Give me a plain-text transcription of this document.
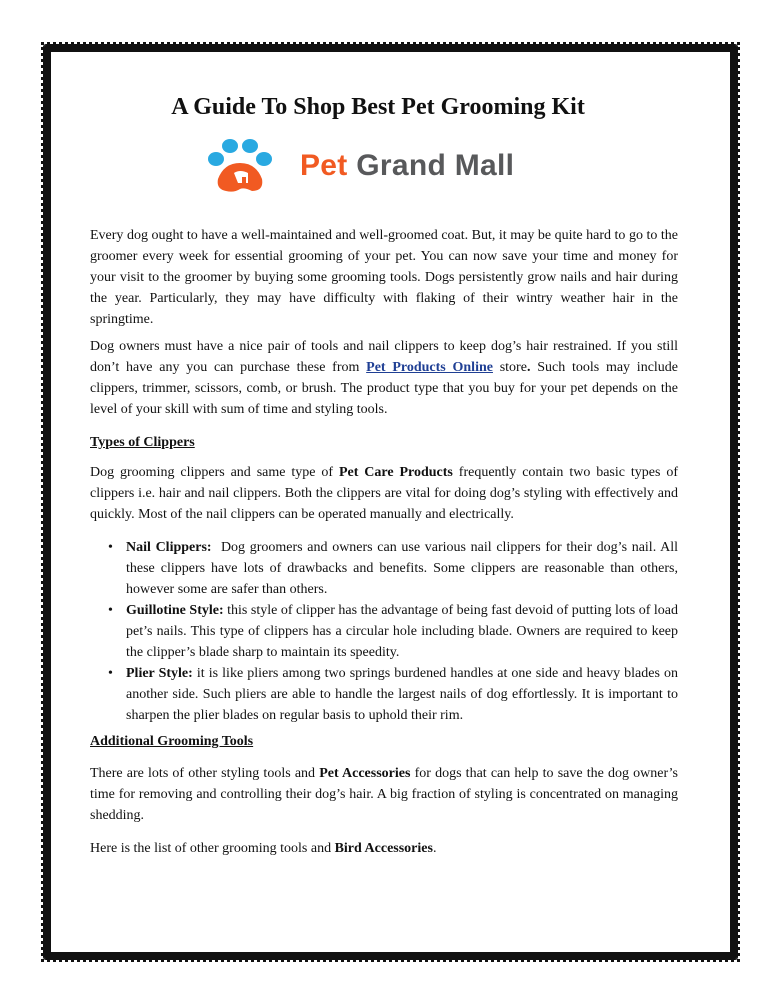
A Guide To Shop Best Pet Grooming Kit
Pet Grand Mall

Every dog ought to have a well-maintained and well-groomed coat. But, it may be quite hard to go to the groomer every week for essential grooming of your pet. You can now save your time and money for your visit to the groomer by buying some grooming tools. Dogs persistently grow nails and hair during the year. Particularly, they may have difficulty with flaking of their wintry weather hair in the springtime.

Dog owners must have a nice pair of tools and nail clippers to keep dog’s hair restrained. If you still don’t have any you can purchase these from Pet Products Online store. Such tools may include clippers, trimmer, scissors, comb, or brush. The product type that you buy for your pet depends on the level of your skill with sum of time and styling tools.

Types of Clippers

Dog grooming clippers and same type of Pet Care Products frequently contain two basic types of clippers i.e. hair and nail clippers. Both the clippers are vital for doing dog’s styling with effectively and quickly. Most of the nail clippers can be operated manually and electrically.

• Nail Clippers:  Dog groomers and owners can use various nail clippers for their dog’s nail. All these clippers have lots of drawbacks and benefits. Some clippers are reasonable than others, however some are safer than others.
• Guillotine Style: this style of clipper has the advantage of being fast devoid of putting lots of load pet’s nails. This type of clippers has a circular hole including blade. Owners are required to keep the clipper’s blade sharp to maintain its speedity.
• Plier Style: it is like pliers among two springs burdened handles at one side and heavy blades on another side. Such pliers are able to handle the largest nails of dog effortlessly. It is important to sharpen the plier blades on regular basis to uphold their rim.
Additional Grooming Tools

There are lots of other styling tools and Pet Accessories for dogs that can help to save the dog owner’s time for removing and controlling their dog’s hair. A big fraction of styling is concentrated on managing shedding.

Here is the list of other grooming tools and Bird Accessories.
